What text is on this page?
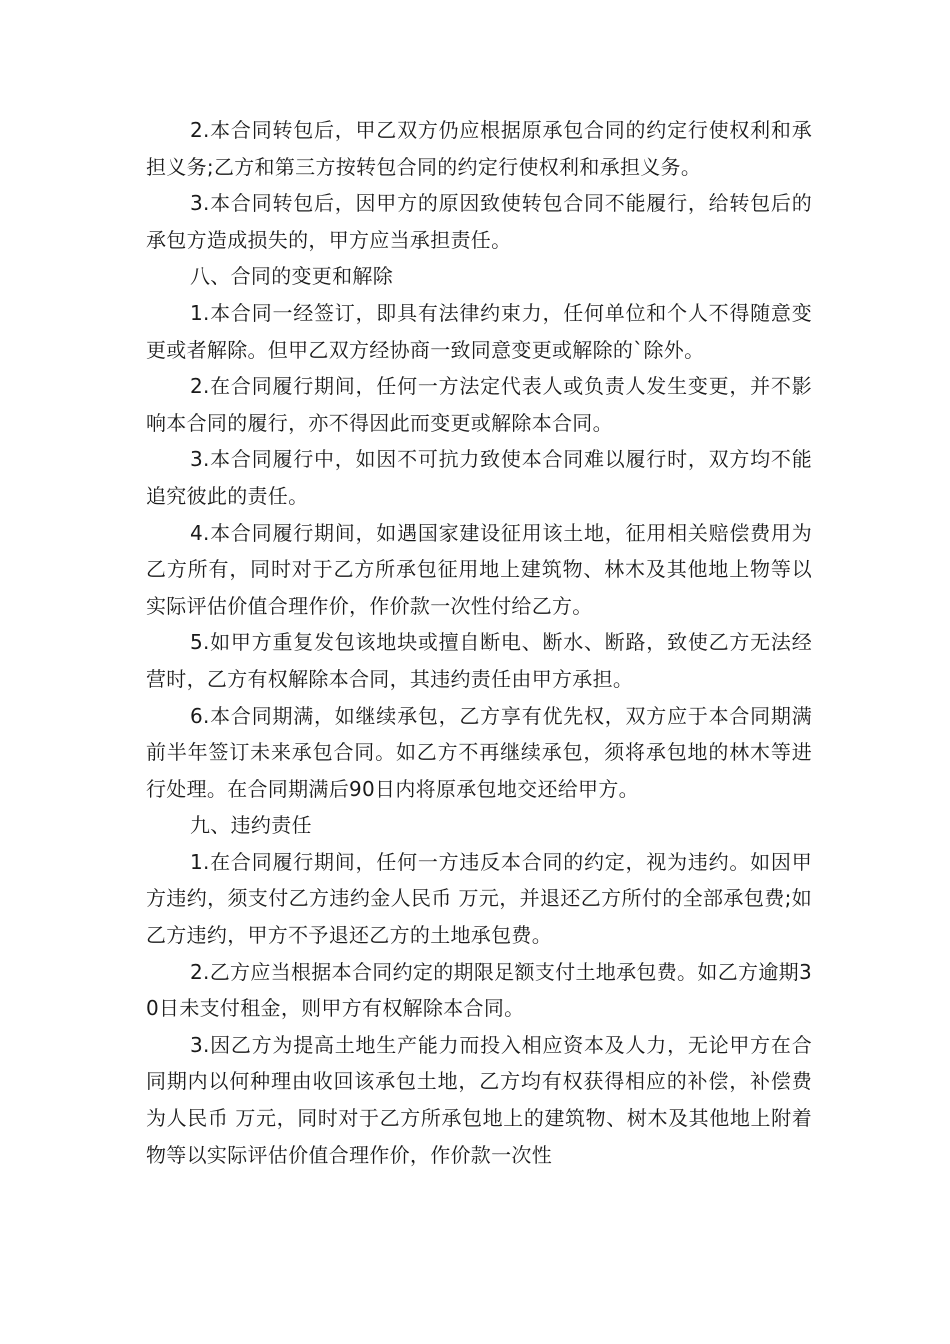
2.本合同转包后，甲乙双方仍应根据原承包合同的约定行使权利和承担义务;乙方和第三方按转包合同的约定行使权利和承担义务。

3.本合同转包后，因甲方的原因致使转包合同不能履行，给转包后的承包方造成损失的，甲方应当承担责任。

八、合同的变更和解除

1.本合同一经签订，即具有法律约束力，任何单位和个人不得随意变更或者解除。但甲乙双方经协商一致同意变更或解除的`除外。

2.在合同履行期间，任何一方法定代表人或负责人发生变更，并不影响本合同的履行，亦不得因此而变更或解除本合同。

3.本合同履行中，如因不可抗力致使本合同难以履行时，双方均不能追究彼此的责任。

4.本合同履行期间，如遇国家建设征用该土地，征用相关赔偿费用为乙方所有，同时对于乙方所承包征用地上建筑物、林木及其他地上物等以实际评估价值合理作价，作价款一次性付给乙方。

5.如甲方重复发包该地块或擅自断电、断水、断路，致使乙方无法经营时，乙方有权解除本合同，其违约责任由甲方承担。

6.本合同期满，如继续承包，乙方享有优先权，双方应于本合同期满前半年签订未来承包合同。如乙方不再继续承包，须将承包地的林木等进行处理。在合同期满后90日内将原承包地交还给甲方。

九、违约责任

1.在合同履行期间，任何一方违反本合同的约定，视为违约。如因甲方违约，须支付乙方违约金人民币 万元，并退还乙方所付的全部承包费;如乙方违约，甲方不予退还乙方的土地承包费。

2.乙方应当根据本合同约定的期限足额支付土地承包费。如乙方逾期30日未支付租金，则甲方有权解除本合同。

3.因乙方为提高土地生产能力而投入相应资本及人力，无论甲方在合同期内以何种理由收回该承包土地，乙方均有权获得相应的补偿，补偿费为人民币 万元，同时对于乙方所承包地上的建筑物、树木及其他地上附着物等以实际评估价值合理作价，作价款一次性
